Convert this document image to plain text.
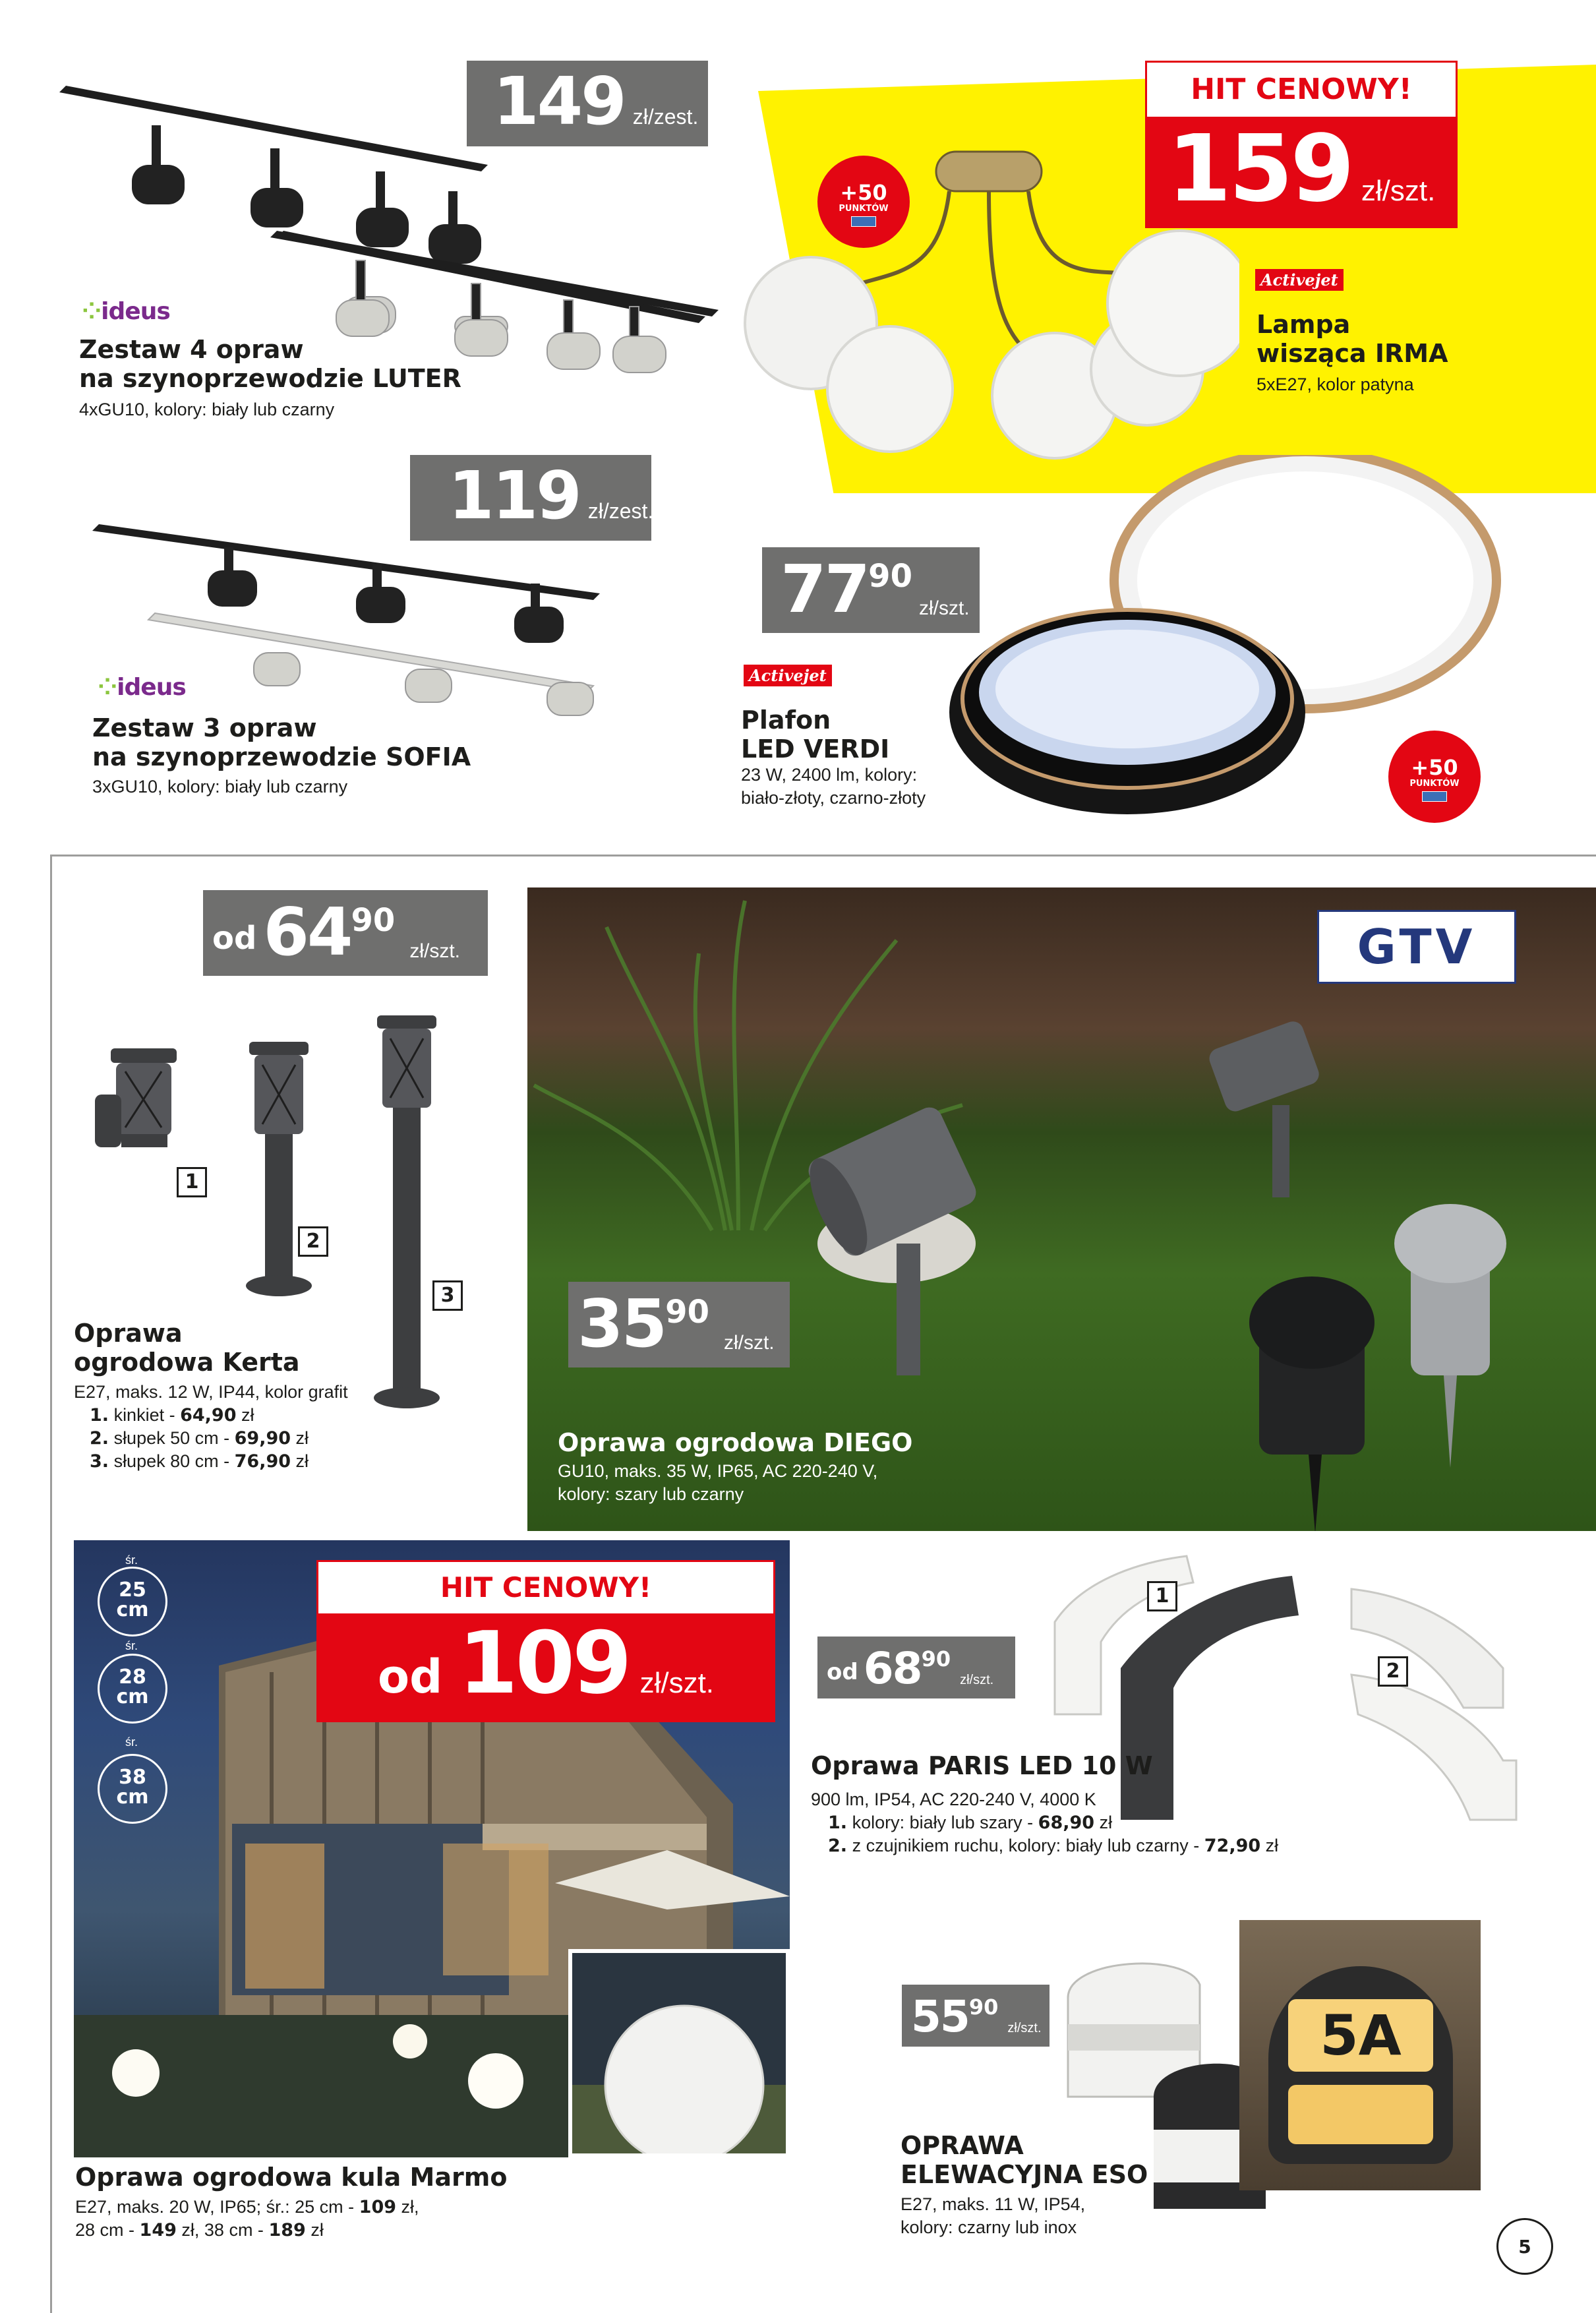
149 zł/zest.
⁘ideus
Zestaw 4 opraw
na szynoprzewodzie LUTER
4xGU10, kolory: biały lub czarny
HIT CENOWY!
159 zł/szt.
+50
PUNKTÓW
Activejet
Lampa
wisząca IRMA
5xE27, kolor patyna
119 zł/zest.
⁘ideus
Zestaw 3 opraw
na szynoprzewodzie SOFIA
3xGU10, kolory: biały lub czarny
77 90
zł/szt.
Activejet
Plafon
LED VERDI
23 W, 2400 lm, kolory:
biało-złoty, czarno-złoty
+50
PUNKTÓW
od 64 90
zł/szt.
1
2
3
Oprawa
ogrodowa Kerta
E27, maks. 12 W, IP44, kolor grafit
1. kinkiet - 64,90 zł
2. słupek 50 cm - 69,90 zł
3. słupek 80 cm - 76,90 zł
GTV
35 90
zł/szt.
Oprawa ogrodowa DIEGO
GU10, maks. 35 W, IP65, AC 220-240 V,
kolory: szary lub czarny
śr.
25
cm
śr.
28
cm
śr.
38
cm
HIT CENOWY!
od 109 zł/szt.
Oprawa ogrodowa kula Marmo
E27, maks. 20 W, IP65; śr.: 25 cm - 109 zł,
28 cm - 149 zł, 38 cm - 189 zł
1
2
od 68 90
zł/szt.
Oprawa PARIS LED 10 W
900 lm, IP54, AC 220-240 V, 4000 K
1. kolory: biały lub szary - 68,90 zł
2. z czujnikiem ruchu, kolory: biały lub czarny - 72,90 zł
5A
55 90
zł/szt.
OPRAWA
ELEWACYJNA ESO
E27, maks. 11 W, IP54,
kolory: czarny lub inox
5
